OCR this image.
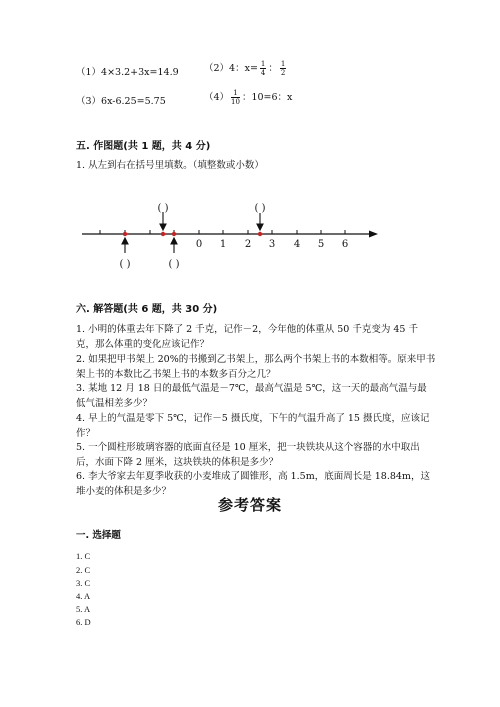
（1）4×3.2+3x=14.9	（2）4：$x= \frac{1}{4}$ ： $\frac{1}{2}$
（3）6x-6.25=5.75	$(4) \frac{1}{10}$ ：10=6：x
五. 作图题(共 1 题，共 4 分)
1. 从左到右在括号里填数。（填整数或小数）
0 1 2 3 4 5 6
( )	( )
( )	( )
六. 解答题(共 6 题，共 30 分)
1. 小明的体重去年下降了 2 千克，记作－2，今年他的体重从 50 千克变为 45 千克，那么体重的变化应该记作？
2. 如果把甲书架上 20%的书搬到乙书架上，那么两个书架上书的本数相等。原来甲书架上书的本数比乙书架上书的本数多百分之几？
3. 某地 12 月 18 日的最低气温是－7℃，最高气温是 5℃，这一天的最高气温与最低气温相差多少？
4. 早上的气温是零下 5℃，记作－5 摄氏度，下午的气温升高了 15 摄氏度，应该记作？
5. 一个圆柱形玻璃容器的底面直径是 10 厘米，把一块铁块从这个容器的水中取出后，水面下降 2 厘米，这块铁块的体积是多少？
6. 李大爷家去年夏季收获的小麦堆成了圆锥形，高 1.5m，底面周长是 18.84m，这堆小麦的体积是多少？
参考答案
一. 选择题
1. C
2. C
3. C
4. A
5. A
6. D
